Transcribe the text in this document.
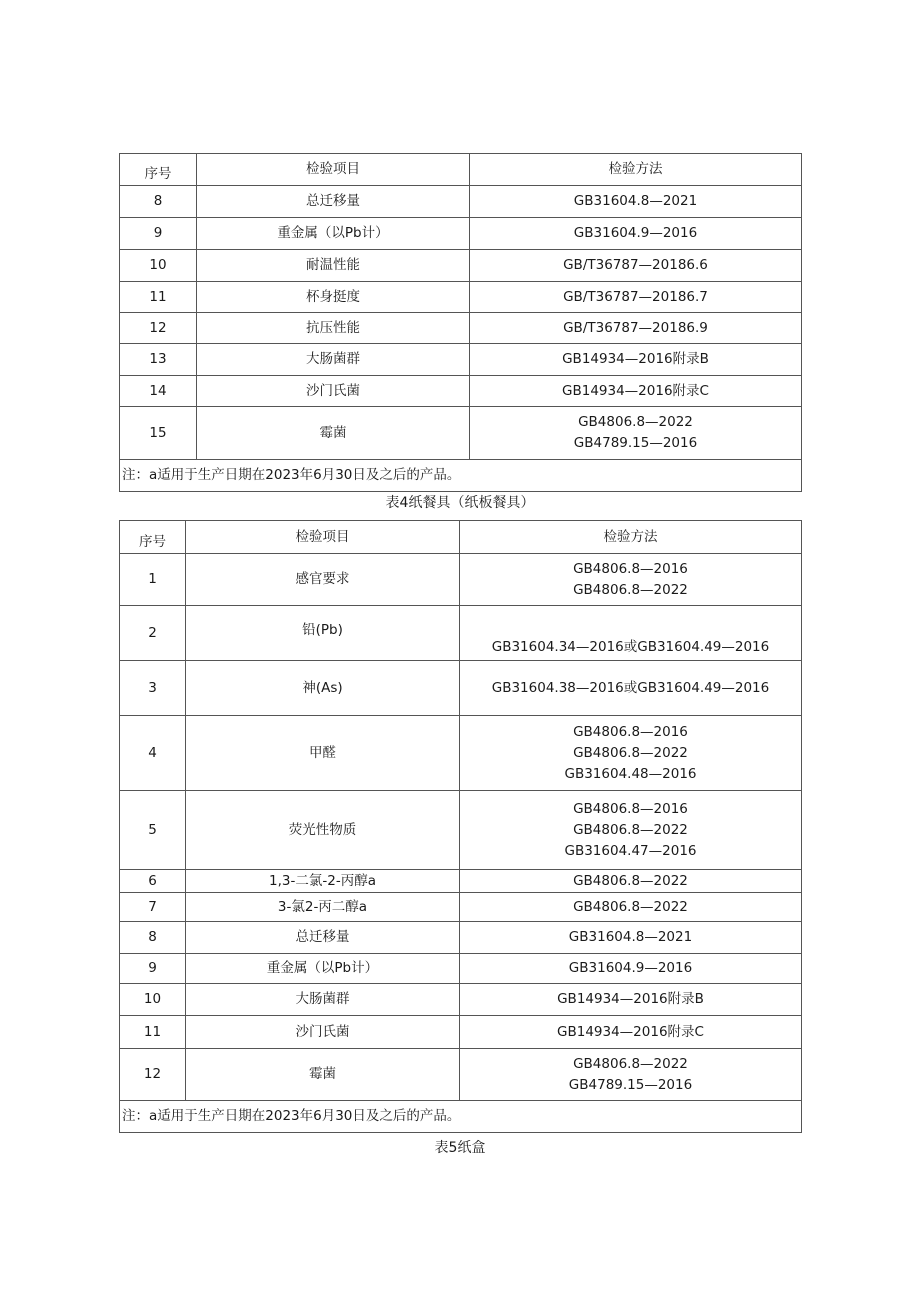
序号	检验项目	检验方法
8	总迁移量	GB31604.8—2021

9	重金属（以Pb计）	GB31604.9—2016

10	耐温性能	GB/T36787—20186.6

11	杯身挺度	GB/T36787—20186.7

12	抗压性能	GB/T36787—20186.9

13	大肠菌群	GB14934—2016附录B

14	沙门氏菌	GB14934—2016附录C

15	霉菌	GB4806.8—2022
GB4789.15—2016

注：a适用于生产日期在2023年6月30日及之后的产品。		
表4纸餐具（纸板餐具）
序号	检验项目	检验方法
1	感官要求	GB4806.8—2016
GB4806.8—2022

2	铅(Pb)	GB31604.34—2016或GB31604.49—2016

3	神(As)	GB31604.38—2016或GB31604.49—2016

4	甲醛	GB4806.8—2016
GB4806.8—2022
GB31604.48—2016

5	荧光性物质	GB4806.8—2016
GB4806.8—2022
GB31604.47—2016

6	1,3-二氯-2-丙醇a	GB4806.8—2022

7	3-氯2-丙二醇a	GB4806.8—2022

8	总迁移量	GB31604.8—2021

9	重金属（以Pb计）	GB31604.9—2016

10	大肠菌群	GB14934—2016附录B

11	沙门氏菌	GB14934—2016附录C

12	霉菌	GB4806.8—2022
GB4789.15—2016

注：a适用于生产日期在2023年6月30日及之后的产品。		
表5纸盒
